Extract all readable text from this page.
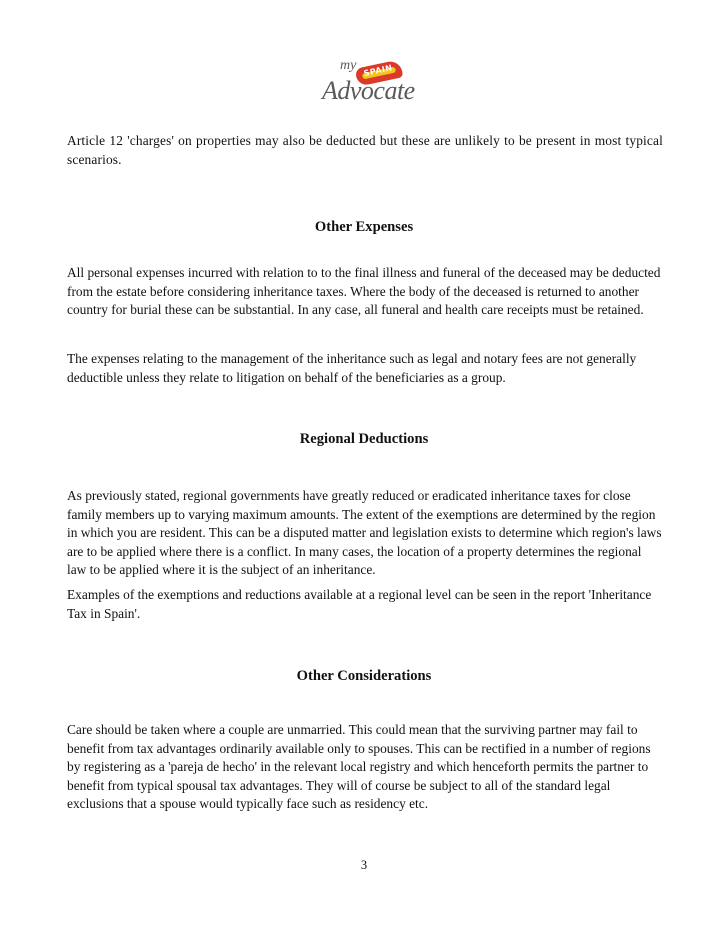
my SPAIN
Advocate

Article 12 'charges' on properties may also be deducted but these are unlikely to be present in most typical scenarios.

Other Expenses

All personal expenses incurred with relation to to the final illness and funeral of the deceased may be deducted from the estate before considering inheritance taxes. Where the body of the deceased is returned to another country for burial these can be substantial. In any case, all funeral and health care receipts must be retained.

The expenses relating to the management of the inheritance such as legal and notary fees are not generally deductible unless they relate to litigation on behalf of the beneficiaries as a group.

Regional Deductions

As previously stated, regional governments have greatly reduced or eradicated inheritance taxes for close family members up to varying maximum amounts. The extent of the exemptions are determined by the region in which you are resident. This can be a disputed matter and legislation exists to determine which region's laws are to be applied where there is a conflict. In many cases, the location of a property determines the regional law to be applied where it is the subject of an inheritance.

Examples of the exemptions and reductions available at a regional level can be seen in the report 'Inheritance Tax in Spain'.

Other Considerations

Care should be taken where a couple are unmarried. This could mean that the surviving partner may fail to benefit from tax advantages ordinarily available only to spouses. This can be rectified in a number of regions by registering as a 'pareja de hecho' in the relevant local registry and which henceforth permits the partner to benefit from typical spousal tax advantages. They will of course be subject to all of the standard legal exclusions that a spouse would typically face such as residency etc.

3
